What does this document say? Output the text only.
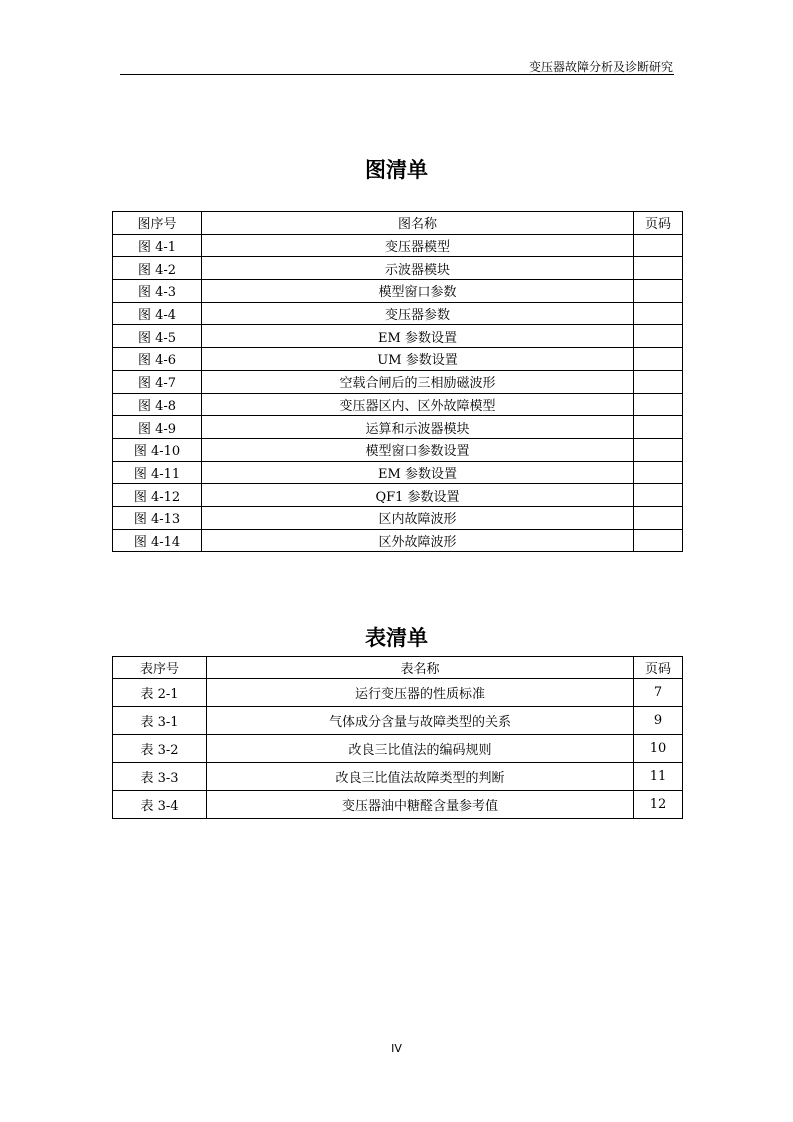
变压器故障分析及诊断研究
图清单
图序号	图名称	页码
图 4-1	变压器模型	
图 4-2	示波器模块	
图 4-3	模型窗口参数	
图 4-4	变压器参数	
图 4-5	EM 参数设置	
图 4-6	UM 参数设置	
图 4-7	空载合闸后的三相励磁波形	
图 4-8	变压器区内、区外故障模型	
图 4-9	运算和示波器模块	
图 4-10	模型窗口参数设置	
图 4-11	EM 参数设置	
图 4-12	QF1 参数设置	
图 4-13	区内故障波形	
图 4-14	区外故障波形	
表清单
表序号	表名称	页码
表 2-1	运行变压器的性质标准	7
表 3-1	气体成分含量与故障类型的关系	9
表 3-2	改良三比值法的编码规则	10
表 3-3	改良三比值法故障类型的判断	11
表 3-4	变压器油中糖醛含量参考值	12
IV
